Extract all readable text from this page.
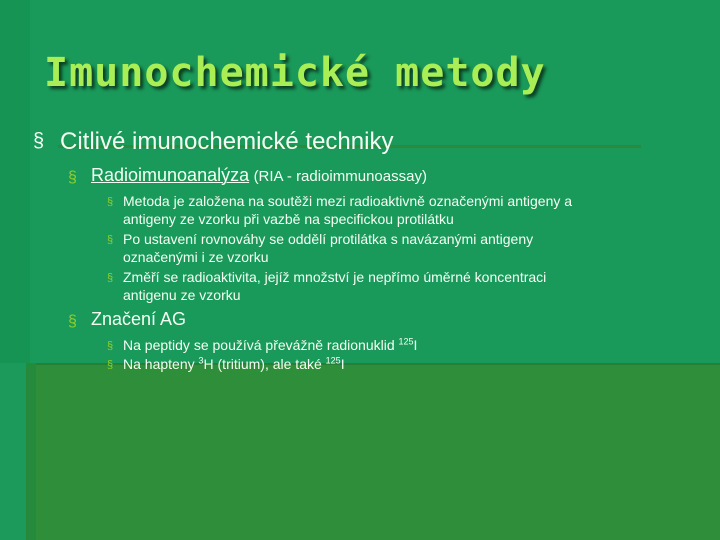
Imunochemické metody
§ Citlivé imunochemické techniky
§ Radioimunoanalýza (RIA - radioimmunoassay)
§ Metoda je založena na soutěži mezi radioaktivně označenými antigeny a
antigeny ze vzorku při vazbě na specifickou protilátku
§ Po ustavení rovnováhy se oddělí protilátka s navázanými antigeny
označenými i ze vzorku
§ Změří se radioaktivita, jejíž množství je nepřímo úměrné koncentraci
antigenu ze vzorku
§ Značení AG
§ Na peptidy se používá převážně radionuklid $^{125}$I
§ Na hapteny $^3$H (tritium), ale také $^{125}$I
